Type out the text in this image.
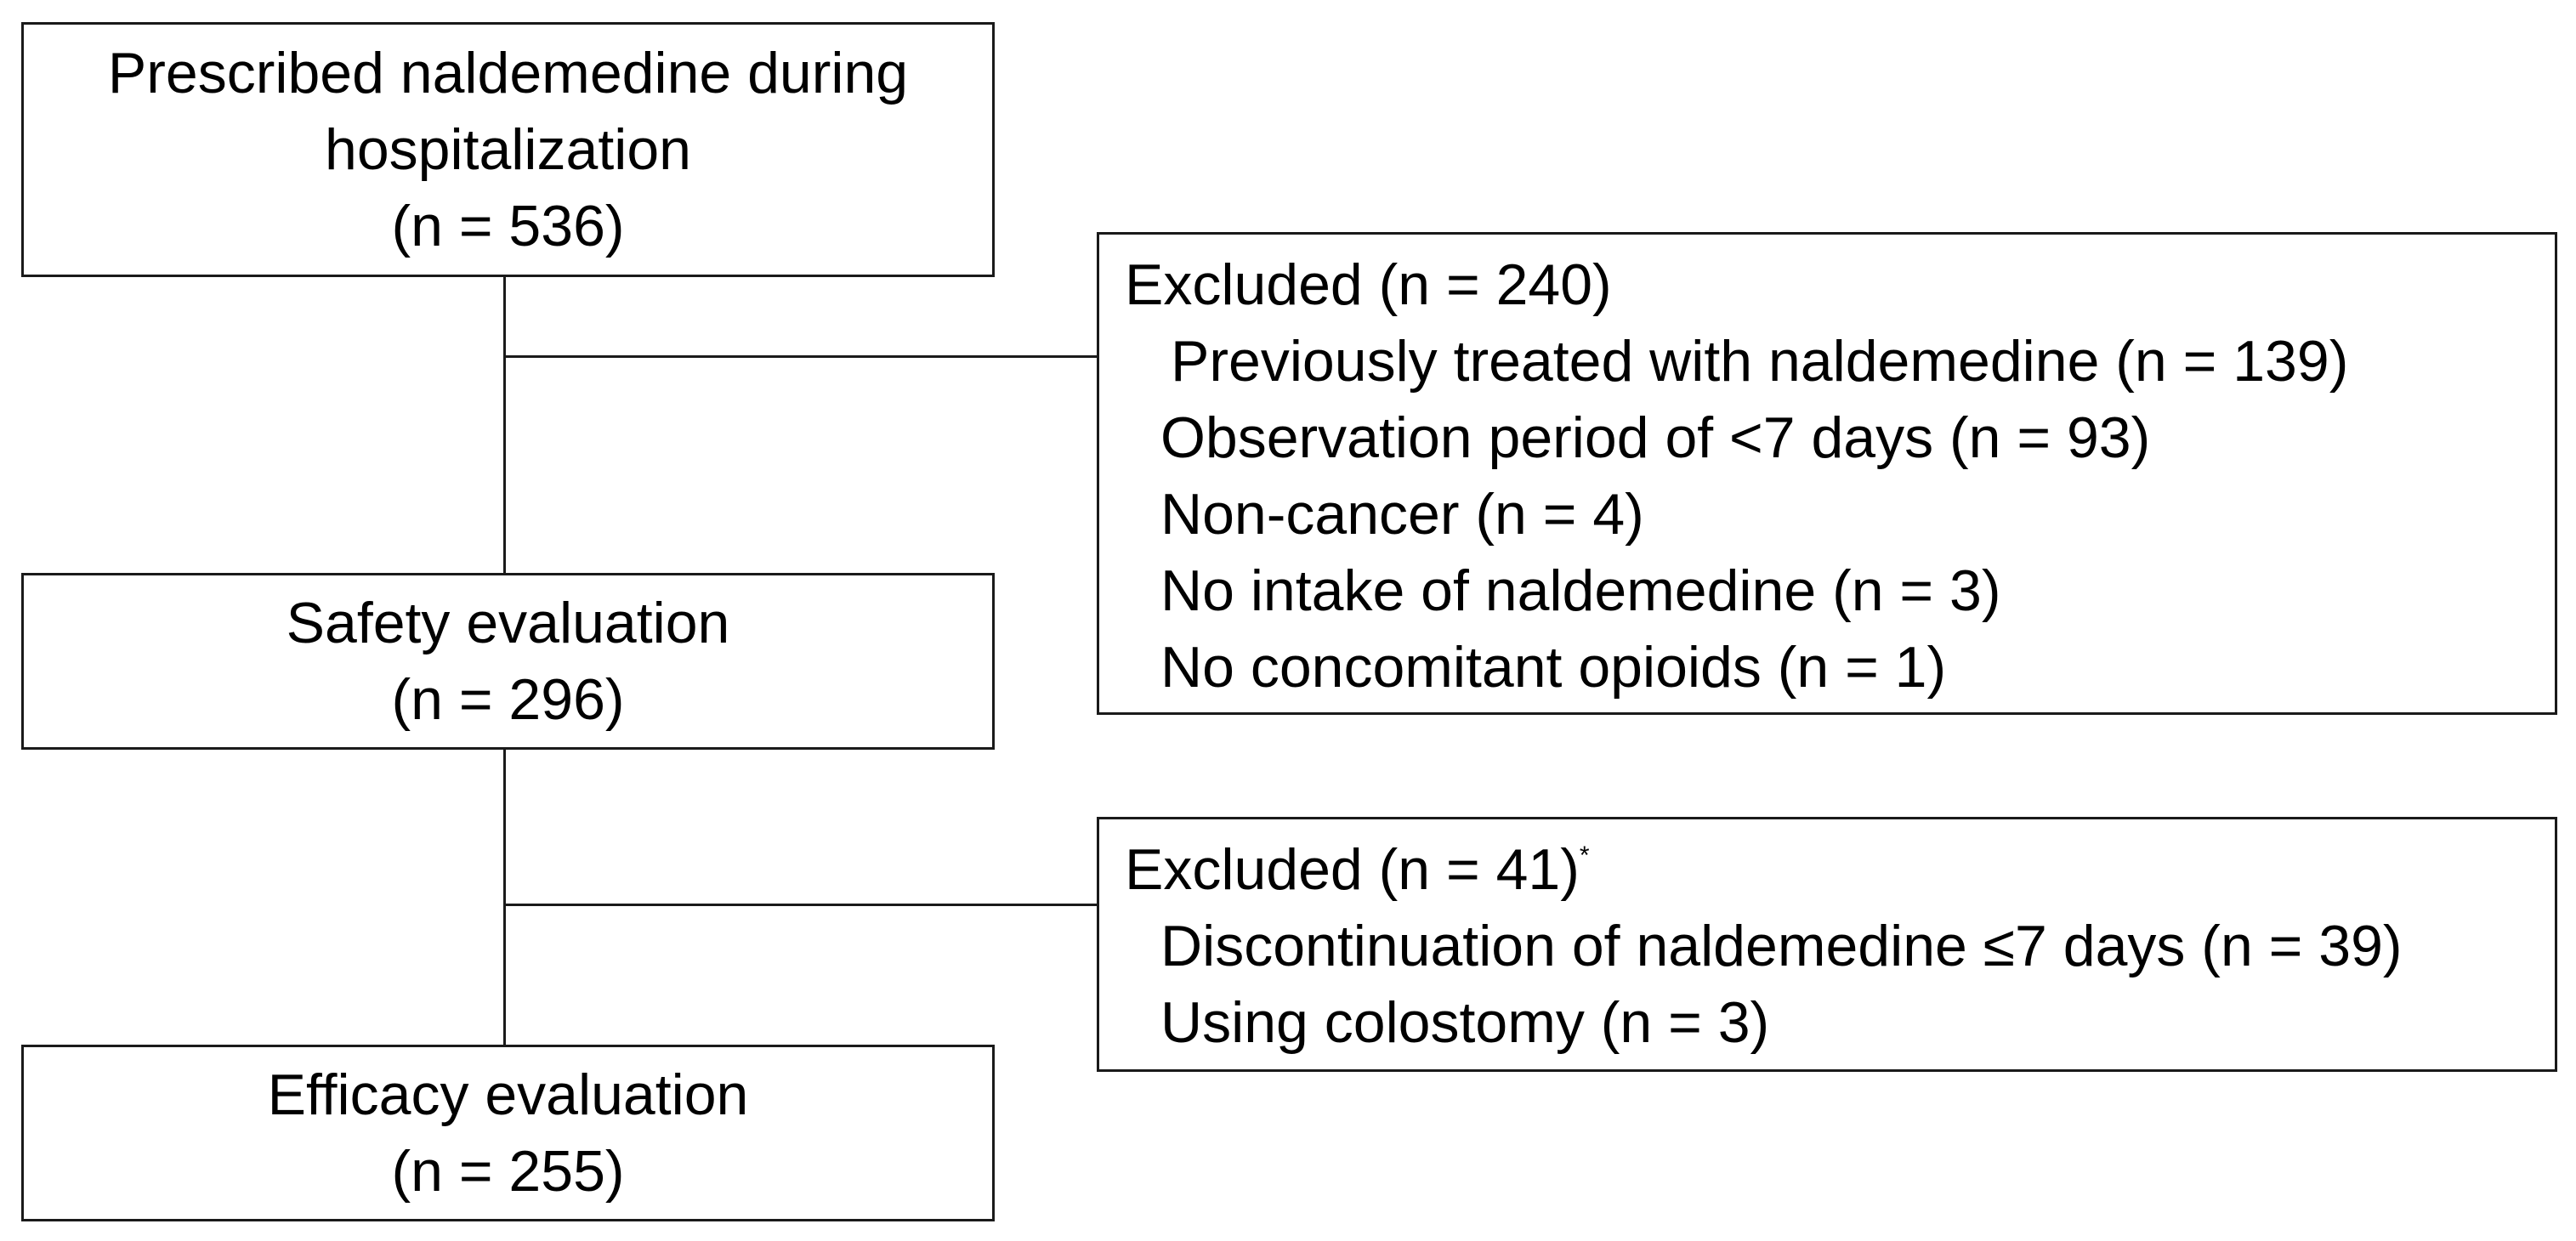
Prescribed naldemedine during
hospitalization
(n = 536)
Excluded (n = 240)
Previously treated with naldemedine (n = 139)
Observation period of <7 days (n = 93)
Non-cancer (n = 4)
No intake of naldemedine (n = 3)
No concomitant opioids (n = 1)
Safety evaluation
(n = 296)
Excluded (n = 41)*
Discontinuation of naldemedine ≤7 days (n = 39)
Using colostomy (n = 3)
Efficacy evaluation
(n = 255)
